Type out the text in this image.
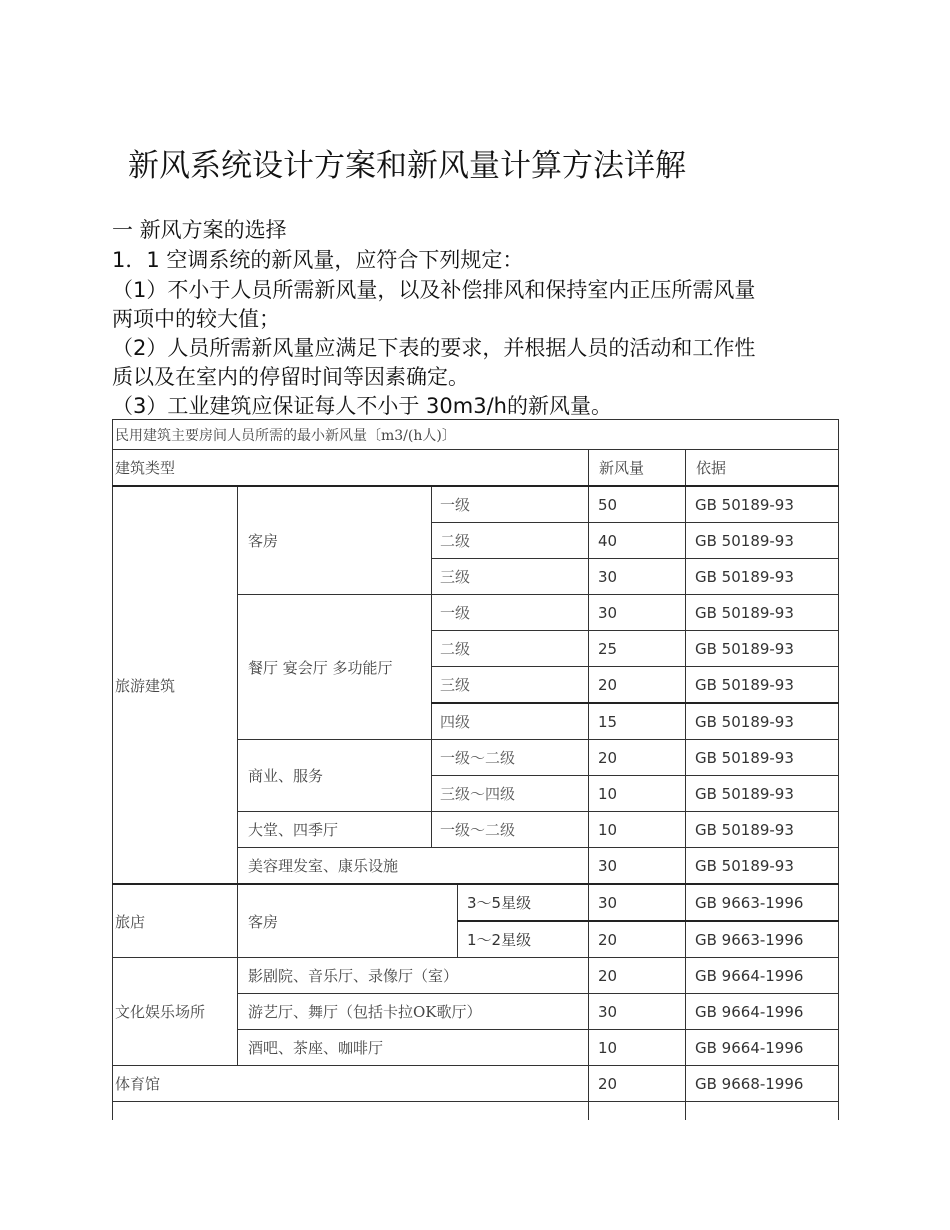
新风系统设计方案和新风量计算方法详解
一 新风方案的选择
1．1 空调系统的新风量，应符合下列规定：
（1）不小于人员所需新风量，以及补偿排风和保持室内正压所需风量
两项中的较大值；
（2）人员所需新风量应满足下表的要求，并根据人员的活动和工作性
质以及在室内的停留时间等因素确定。
（3）工业建筑应保证每人不小于 30m3/h的新风量。
民用建筑主要房间人员所需的最小新风量〔m3/(h人)〕					
建筑类型				新风量	依据
旅游建筑	客房	一级		50	GB 50189-93
		二级		40	GB 50189-93
		三级		30	GB 50189-93
	餐厅 宴会厅 多功能厅	一级		30	GB 50189-93
		二级		25	GB 50189-93
		三级		20	GB 50189-93
		四级		15	GB 50189-93
	商业、服务	一级～二级		20	GB 50189-93
		三级～四级		10	GB 50189-93
	大堂、四季厅	一级～二级		10	GB 50189-93
	美容理发室、康乐设施			30	GB 50189-93
旅店	客房		3～5星级	30	GB 9663-1996
			1～2星级	20	GB 9663-1996
文化娱乐场所	影剧院、音乐厅、录像厅（室）			20	GB 9664-1996
	游艺厅、舞厅（包括卡拉OK歌厅）			30	GB 9664-1996
	酒吧、茶座、咖啡厅			10	GB 9664-1996
体育馆				20	GB 9668-1996
